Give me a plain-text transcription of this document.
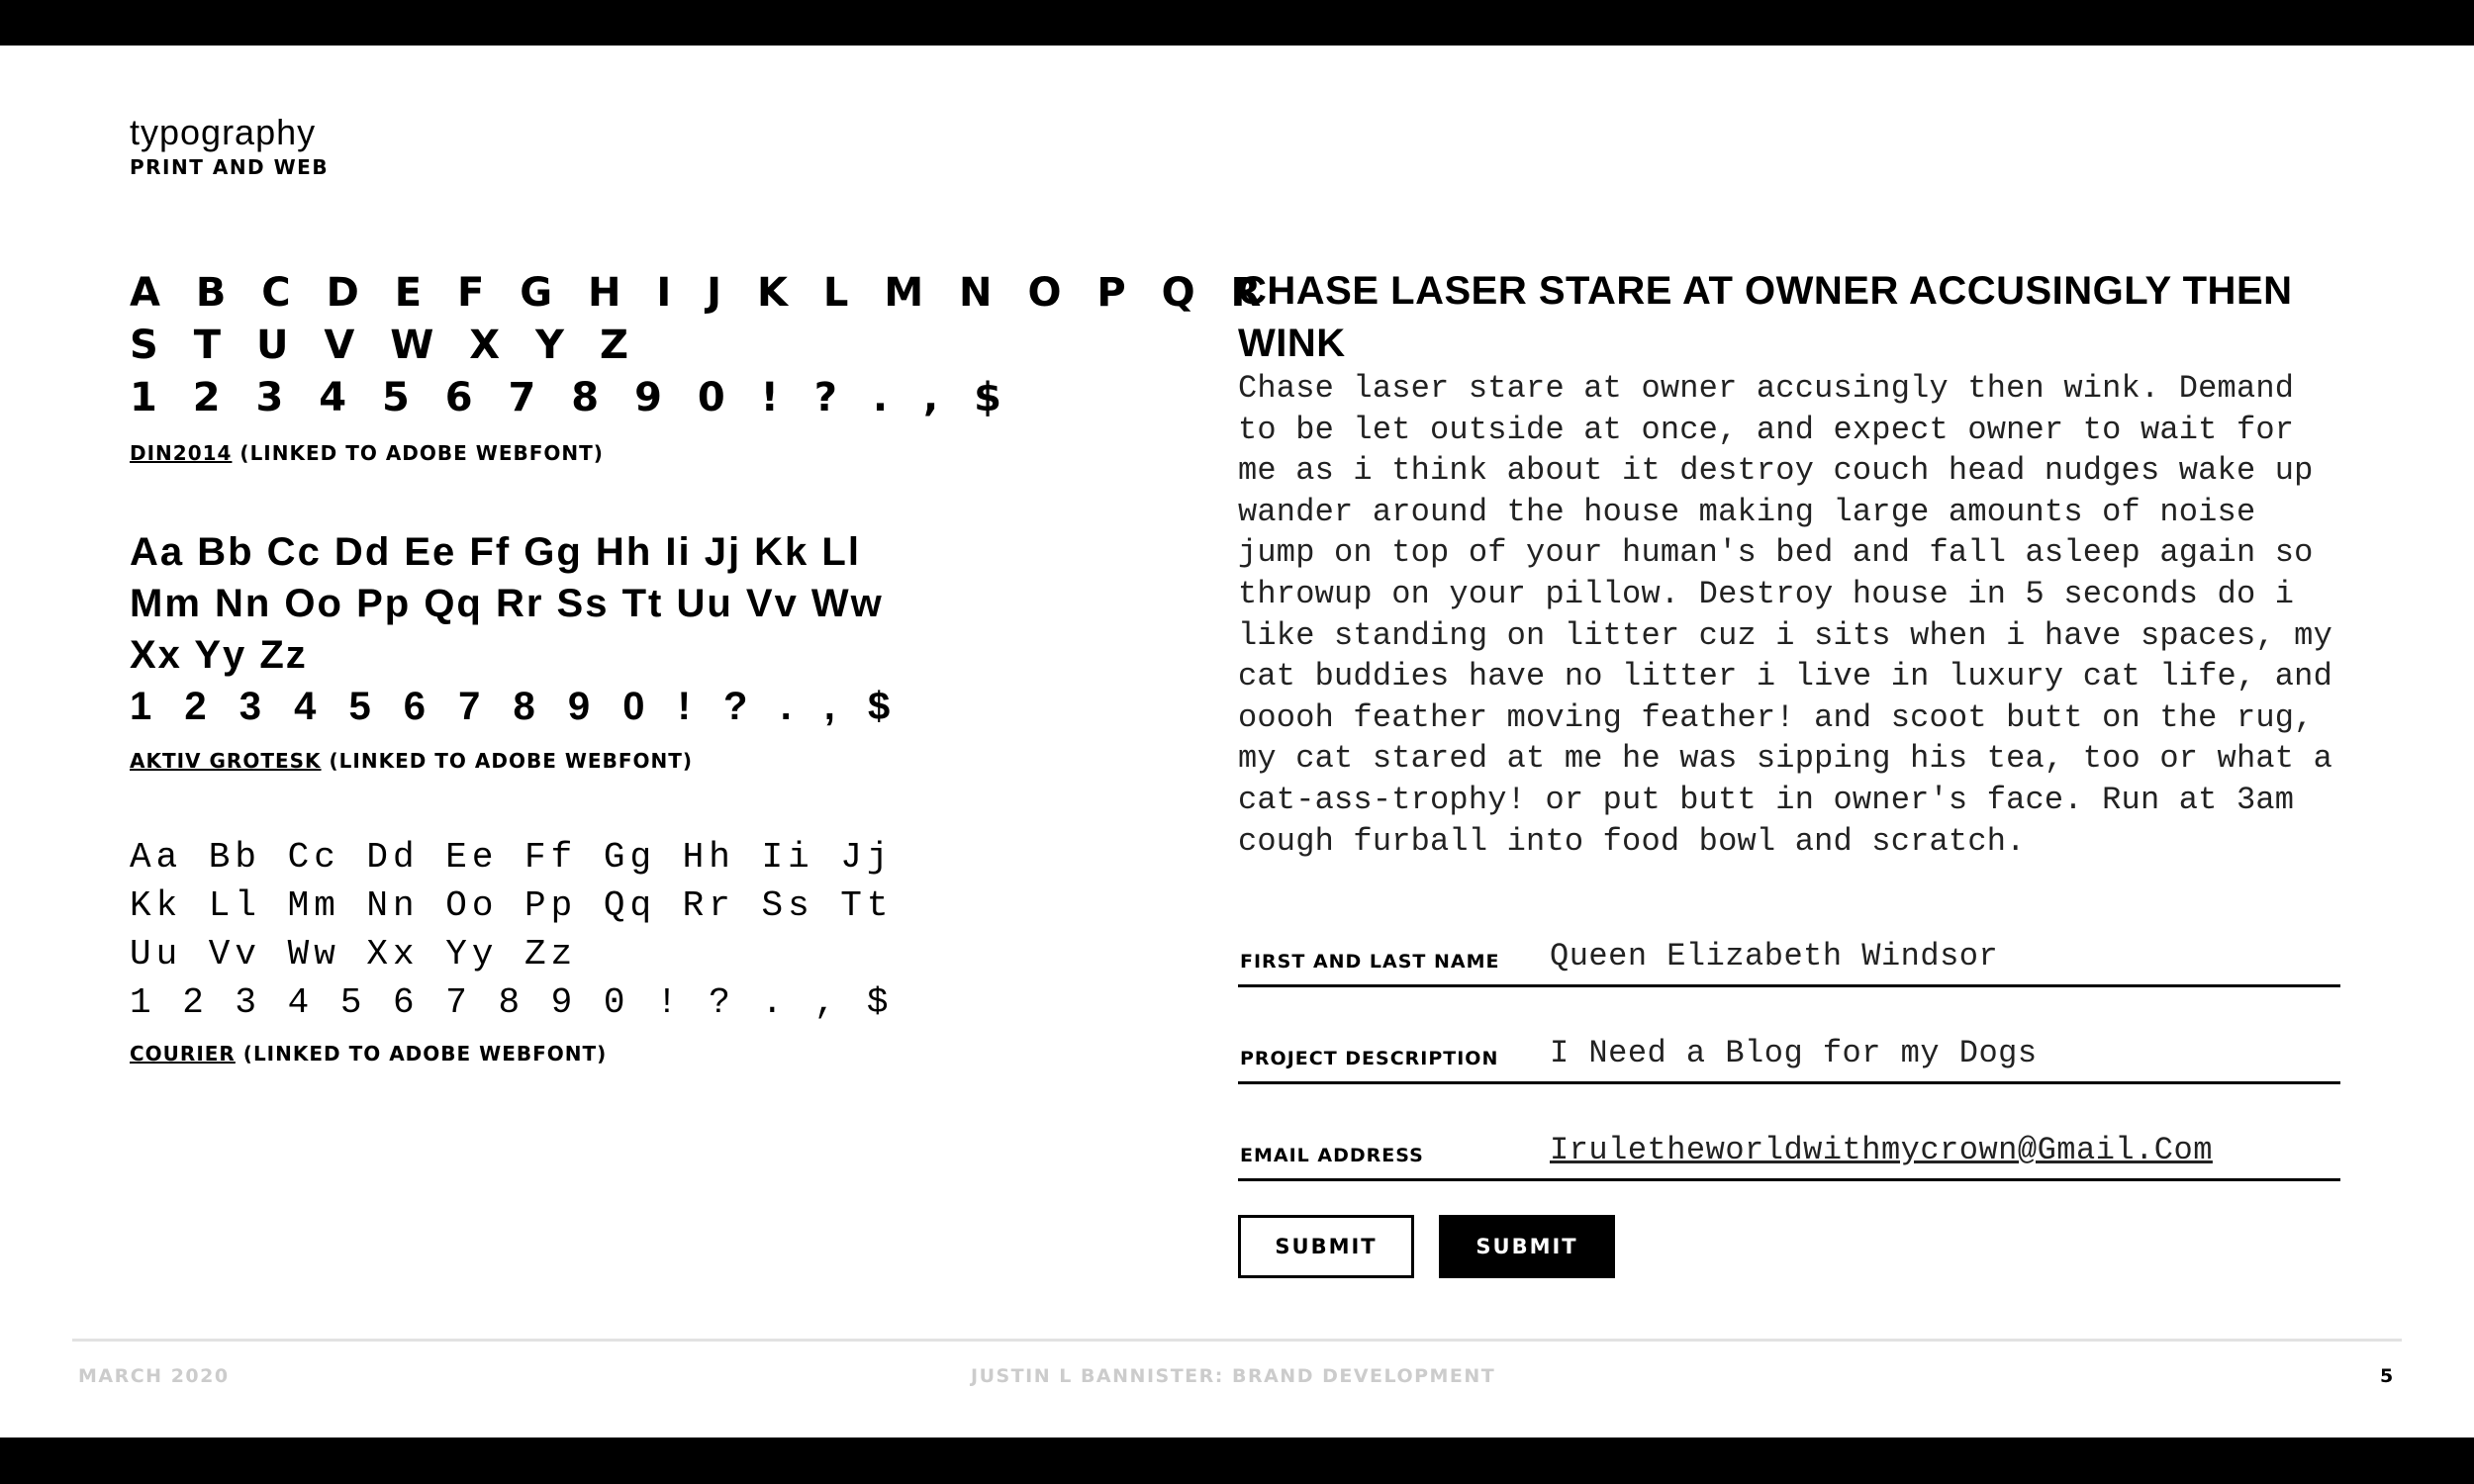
typography
PRINT AND WEB
A B C D E F G H I J K L M N O P Q R
S T U V W X Y Z
1 2 3 4 5 6 7 8 9 0 ! ? . , $
DIN2014 (LINKED TO ADOBE WEBFONT)
Aa Bb Cc Dd Ee Ff Gg Hh Ii Jj Kk Ll
Mm Nn Oo Pp Qq Rr Ss Tt Uu Vv Ww
Xx Yy Zz
1 2 3 4 5 6 7 8 9 0 ! ? . , $
AKTIV GROTESK (LINKED TO ADOBE WEBFONT)
Aa Bb Cc Dd Ee Ff Gg Hh Ii Jj
Kk Ll Mm Nn Oo Pp Qq Rr Ss Tt
Uu Vv Ww Xx Yy Zz
1 2 3 4 5 6 7 8 9 0 ! ? . , $
COURIER (LINKED TO ADOBE WEBFONT)
CHASE LASER STARE AT OWNER ACCUSINGLY THEN WINK
Chase laser stare at owner accusingly then wink. Demand to be let outside at once, and expect owner to wait for me as i think about it destroy couch head nudges wake up wander around the house making large amounts of noise jump on top of your human's bed and fall asleep again so throwup on your pillow. Destroy house in 5 seconds do i like standing on litter cuz i sits when i have spaces, my cat buddies have no litter i live in luxury cat life, and ooooh feather moving feather! and scoot butt on the rug, my cat stared at me he was sipping his tea, too or what a cat-ass-trophy! or put butt in owner's face. Run at 3am cough furball into food bowl and scratch.
FIRST AND LAST NAME Queen Elizabeth Windsor
PROJECT DESCRIPTION I Need a Blog for my Dogs
EMAIL ADDRESS	Irule​theworldwithmycrown@Gmail.Com
SUBMIT	SUBMIT
MARCH 2020	JUSTIN L BANNISTER: BRAND DEVELOPMENT	5
